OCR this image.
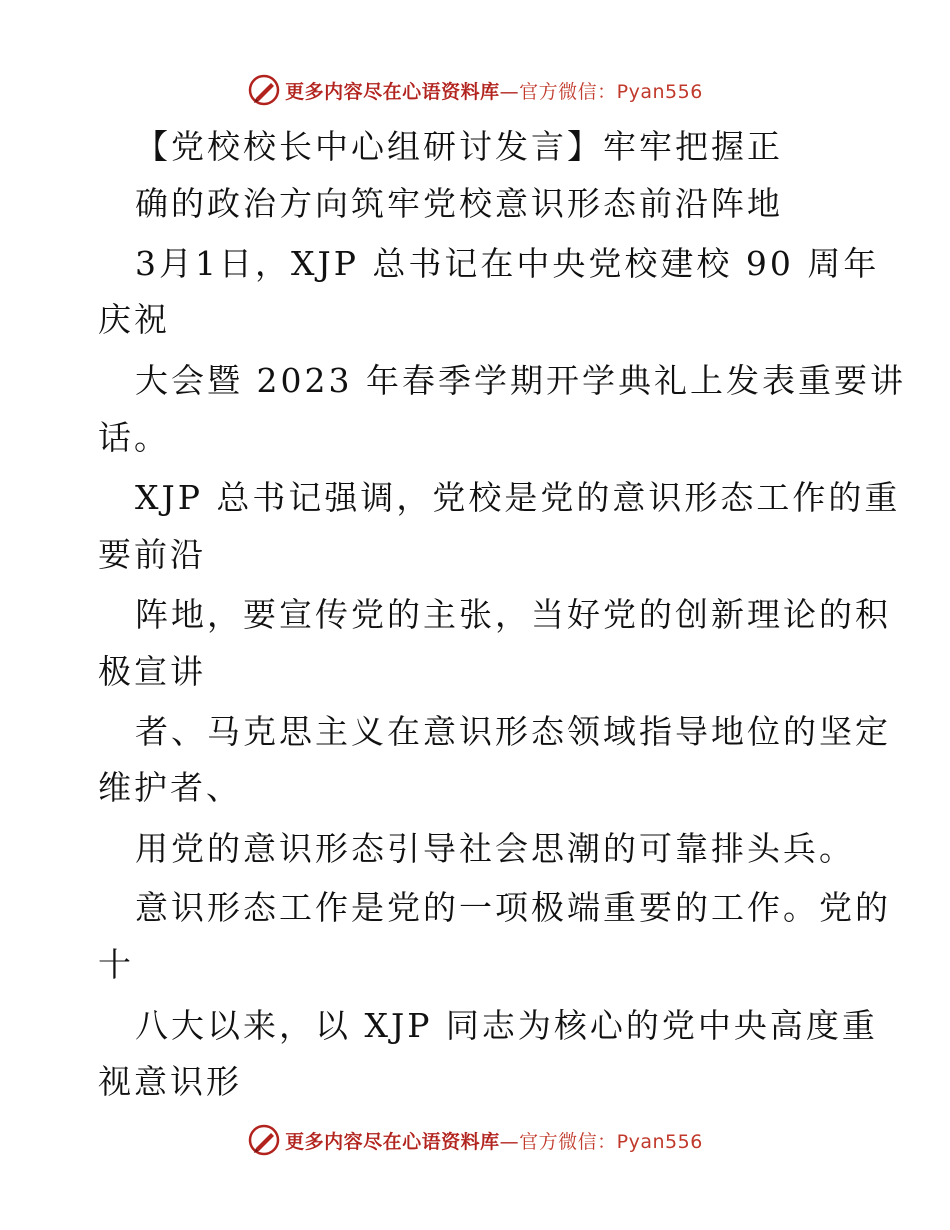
更多内容尽在心语资料库—官方微信：Pyan556
【党校校长中心组研讨发言】牢牢把握正
确的政治方向筑牢党校意识形态前沿阵地
3月1日，XJP 总书记在中央党校建校 90 周年
庆祝
大会暨 2023 年春季学期开学典礼上发表重要讲
话。
XJP 总书记强调，党校是党的意识形态工作的重
要前沿
阵地，要宣传党的主张，当好党的创新理论的积
极宣讲
者、马克思主义在意识形态领域指导地位的坚定
维护者、
用党的意识形态引导社会思潮的可靠排头兵。
意识形态工作是党的一项极端重要的工作。党的
十
八大以来，以 XJP 同志为核心的党中央高度重
视意识形
更多内容尽在心语资料库—官方微信：Pyan556
